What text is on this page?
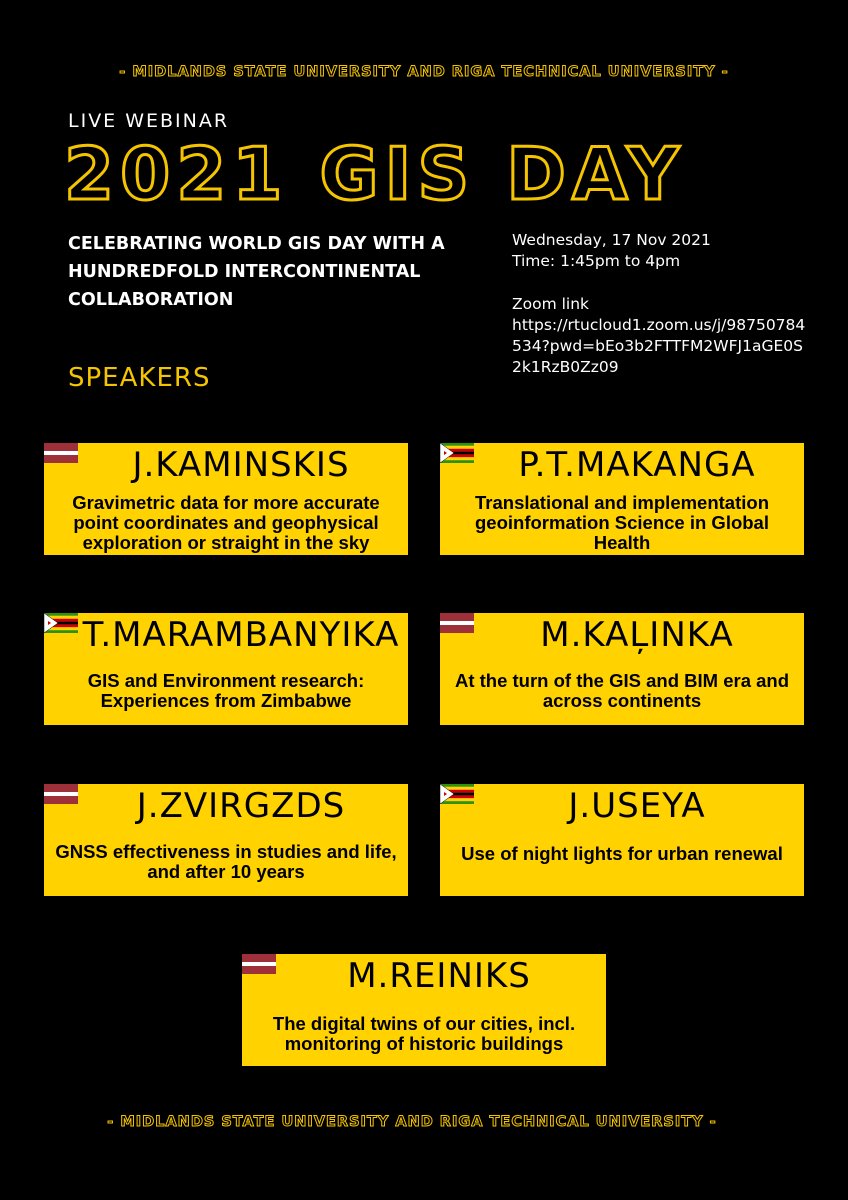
- MIDLANDS STATE UNIVERSITY AND RIGA TECHNICAL UNIVERSITY -
LIVE WEBINAR
2021 GIS DAY
CELEBRATING WORLD GIS DAY WITH A HUNDREDFOLD INTERCONTINENTAL COLLABORATION
Wednesday, 17 Nov 2021
Time: 1:45pm to 4pm
Zoom link
https://rtucloud1.zoom.us/j/98750784534?pwd=bEo3b2FTTFM2WFJ1aGE0S2k1RzB0Zz09
SPEAKERS
J.KAMINSKIS
Gravimetric data for more accurate point coordinates and geophysical exploration or straight in the sky
P.T.MAKANGA
Translational and implementation geoinformation Science in Global Health
T.MARAMBANYIKA
GIS and Environment research: Experiences from Zimbabwe
M.KAĻINKA
At the turn of the GIS and BIM era and across continents
J.ZVIRGZDS
GNSS effectiveness in studies and life, and after 10 years
J.USEYA
Use of night lights for urban renewal
M.REINIKS
The digital twins of our cities, incl. monitoring of historic buildings
- MIDLANDS STATE UNIVERSITY AND RIGA TECHNICAL UNIVERSITY -
